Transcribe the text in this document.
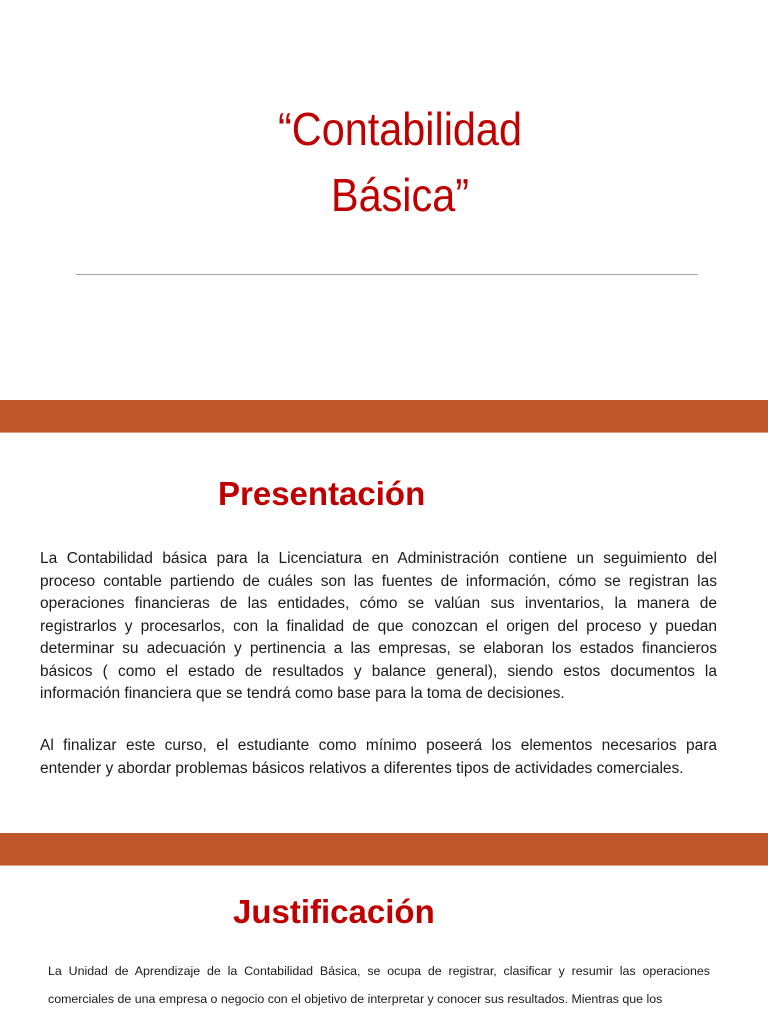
“Contabilidad
Básica”
Presentación

La Contabilidad básica para la Licenciatura en Administración contiene un seguimiento del proceso contable partiendo de cuáles son las fuentes de información, cómo se registran las operaciones financieras de las entidades, cómo se valúan sus inventarios, la manera de registrarlos y procesarlos, con la finalidad de que conozcan el origen del proceso y puedan determinar su adecuación y pertinencia a las empresas, se elaboran los estados financieros básicos ( como el estado de resultados y balance general), siendo estos documentos la información financiera que se tendrá como base para la toma de decisiones.

Al finalizar este curso, el estudiante como mínimo poseerá los elementos necesarios para entender y abordar problemas básicos relativos a diferentes tipos de actividades comerciales.

Justificación

La Unidad de Aprendizaje de la Contabilidad Básica, se ocupa de registrar, clasificar y resumir las operaciones comerciales de una empresa o negocio con el objetivo de interpretar y conocer sus resultados. Mientras que los
